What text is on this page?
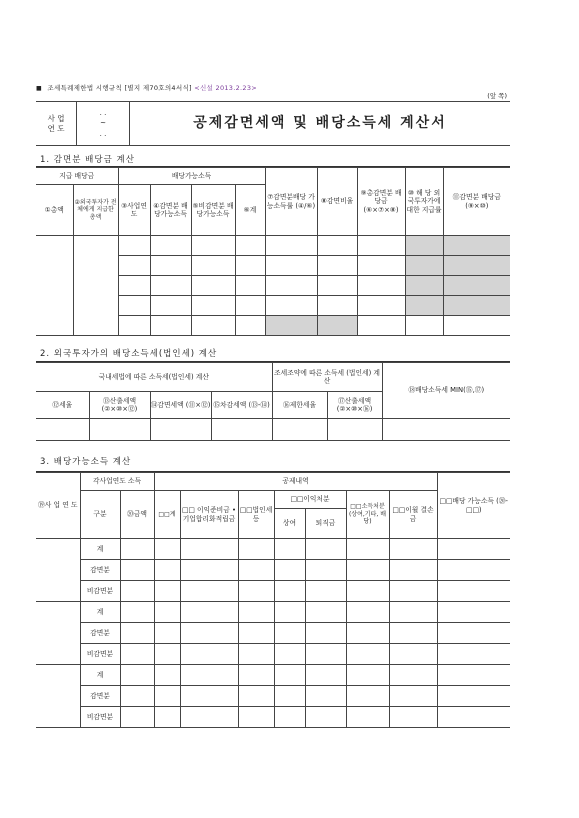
■ 조세특례제한법 시행규칙 [별지 제70호의4서식] <신설 2013.2.23>
(앞 쪽)
사 업
연 도	
. .
~
. .
	공제감면세액 및 배당소득세 계산서
1. 감면분 배당금 계산
지급 배당금		배당가능소득				⑦감면분배당 가능소득률 (④/⑥)	⑧감면비율	⑨총감면분 배당금 (⑥×⑦×⑧)	⑩ 해 당 외국투자가에 대한 지급률	⑪감면분 배당금 (⑨×⑩)
①총액	②외국투자가 전체에게 지급한 총액	③사업연도	④감면분 배당가능소득	⑤비감면분 배당가능소득	⑥계					

2. 외국투자가의 배당소득세(법인세) 계산
국내세법에 따른 소득세(법인세) 계산				조세조약에 따른 소득세 (법인세) 계산		⑱배당소득세 MIN(⑮,⑰)
⑫세율	⑬산출세액 (②×⑩×⑫)	⑭감면세액 (⑪×⑫)	⑮차감세액 (⑬-⑭)	⑯제한세율	⑰산출세액 (②×⑩×⑯)	

3. 배당가능소득 계산
⑲사 업 연 도	각사업연도 소득		공제내역							□□배당 가능소득 (⑳-□□)
	구분	⑳금액	□□계	□□ 이익준비금 • 기업합리화적립금	□□법인세등	□□이익처분		□□소득처분 (상여,기타, 배 당)	□□이월 결손금	
						상여	퇴직금			
	계									
	감면분									
	비감면분									
	계									
	감면분									
	비감면분									
	계									
	감면분									
	비감면분									
